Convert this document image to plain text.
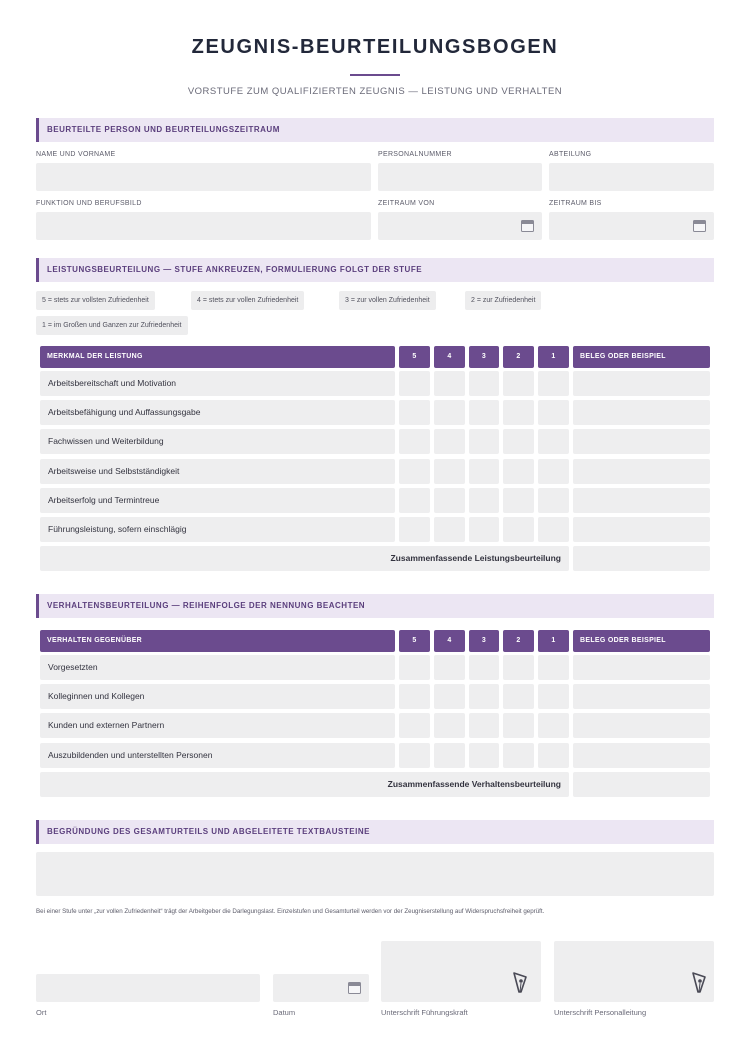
ZEUGNIS-BEURTEILUNGSBOGEN
VORSTUFE ZUM QUALIFIZIERTEN ZEUGNIS — LEISTUNG UND VERHALTEN
BEURTEILTE PERSON UND BEURTEILUNGSZEITRAUM
NAME UND VORNAME	PERSONALNUMMER	ABTEILUNG
FUNKTION UND BERUFSBILD	ZEITRAUM VON	ZEITRAUM BIS
LEISTUNGSBEURTEILUNG — STUFE ANKREUZEN, FORMULIERUNG FOLGT DER STUFE
5 = stets zur vollsten Zufriedenheit	4 = stets zur vollen Zufriedenheit	3 = zur vollen Zufriedenheit	2 = zur Zufriedenheit
1 = im Großen und Ganzen zur Zufriedenheit
MERKMAL DER LEISTUNG	5	4	3	2	1	BELEG ODER BEISPIEL
Arbeitsbereitschaft und Motivation
Arbeitsbefähigung und Auffassungsgabe
Fachwissen und Weiterbildung
Arbeitsweise und Selbstständigkeit
Arbeitserfolg und Termintreue
Führungsleistung, sofern einschlägig
Zusammenfassende Leistungsbeurteilung
VERHALTENSBEURTEILUNG — REIHENFOLGE DER NENNUNG BEACHTEN
VERHALTEN GEGENÜBER	5	4	3	2	1	BELEG ODER BEISPIEL
Vorgesetzten
Kolleginnen und Kollegen
Kunden und externen Partnern
Auszubildenden und unterstellten Personen
Zusammenfassende Verhaltensbeurteilung
BEGRÜNDUNG DES GESAMTURTEILS UND ABGELEITETE TEXTBAUSTEINE
Bei einer Stufe unter „zur vollen Zufriedenheit“ trägt der Arbeitgeber die Darlegungslast. Einzelstufen und Gesamturteil werden vor der Zeugniserstellung auf Widerspruchsfreiheit geprüft.
Ort	Datum	Unterschrift Führungskraft	Unterschrift Personalleitung
